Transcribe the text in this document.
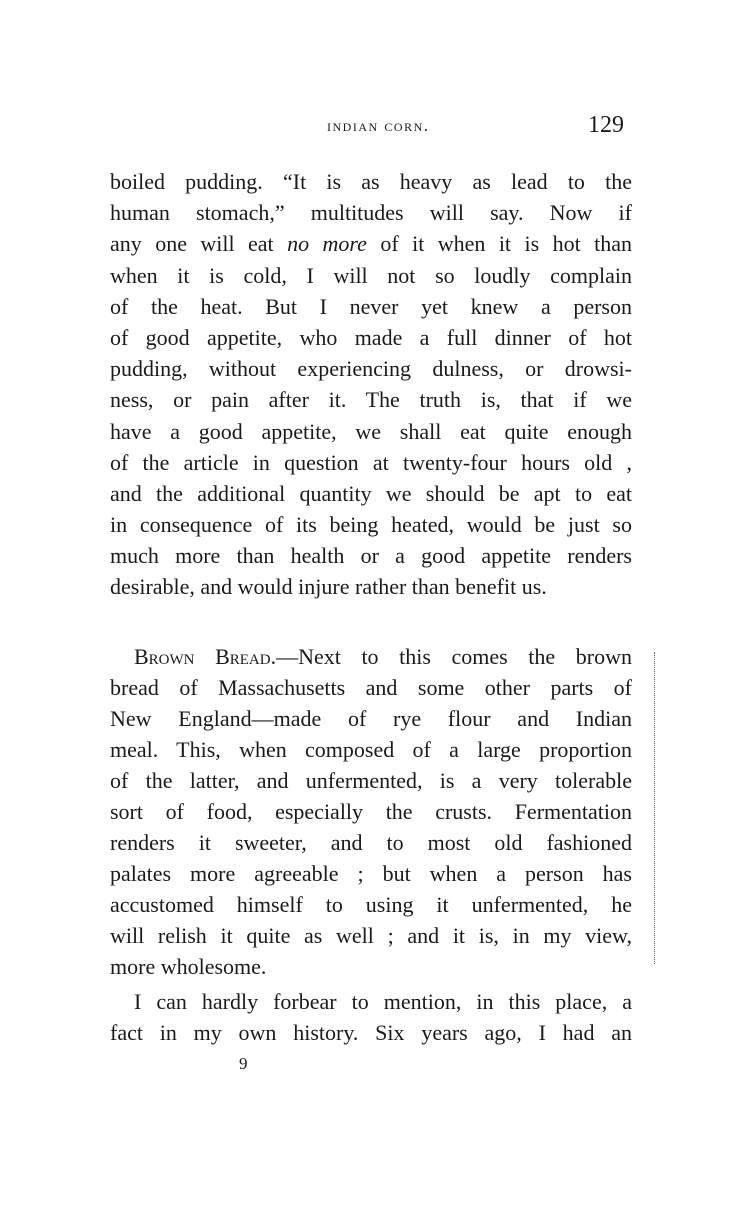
indian corn.	129
boiled pudding. “It is as heavy as lead to the
human stomach,” multitudes will say. Now if
any one will eat no more of it when it is hot than
when it is cold, I will not so loudly complain
of the heat. But I never yet knew a person
of good appetite, who made a full dinner of hot
pudding, without experiencing dulness, or drowsi-
ness, or pain after it. The truth is, that if we
have a good appetite, we shall eat quite enough
of the article in question at twenty-four hours old ,
and the additional quantity we should be apt to eat
in consequence of its being heated, would be just so
much more than health or a good appetite renders
desirable, and would injure rather than benefit us.
Brown Bread.—Next to this comes the brown
bread of Massachusetts and some other parts of
New England—made of rye flour and Indian
meal. This, when composed of a large proportion
of the latter, and unfermented, is a very tolerable
sort of food, especially the crusts. Fermentation
renders it sweeter, and to most old fashioned
palates more agreeable ; but when a person has
accustomed himself to using it unfermented, he
will relish it quite as well ; and it is, in my view,
more wholesome.
I can hardly forbear to mention, in this place, a
fact in my own history. Six years ago, I had an
9
